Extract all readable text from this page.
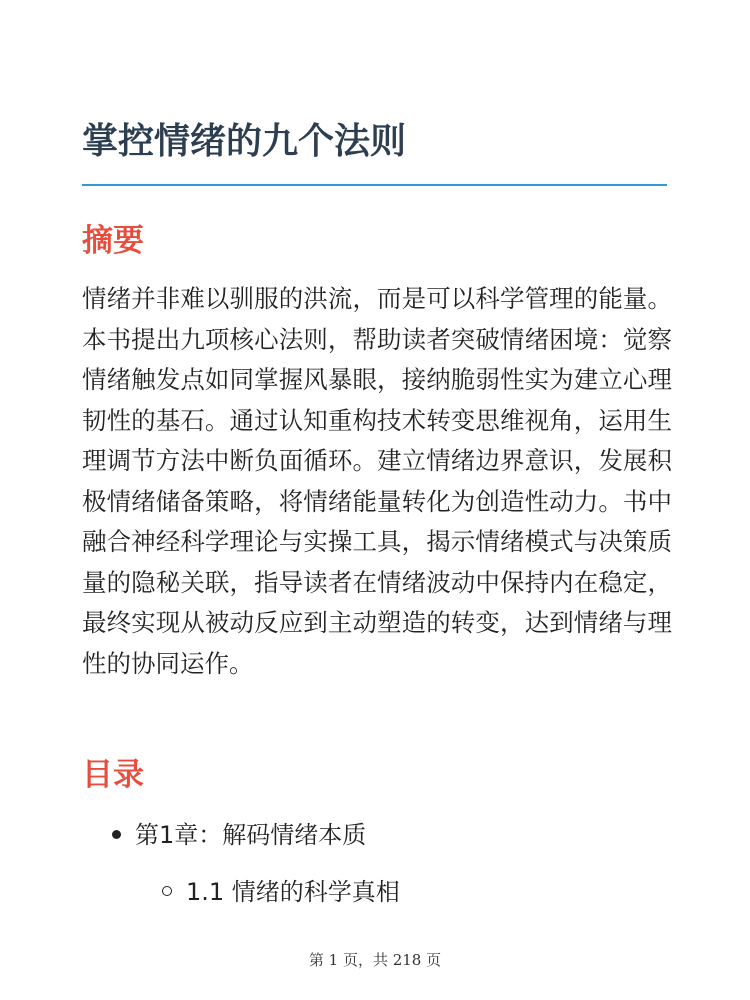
掌控情绪的九个法则
摘要

情绪并非难以驯服的洪流，而是可以科学管理的能量。本书提出九项核心法则，帮助读者突破情绪困境：觉察情绪触发点如同掌握风暴眼，接纳脆弱性实为建立心理韧性的基石。通过认知重构技术转变思维视角，运用生理调节方法中断负面循环。建立情绪边界意识，发展积极情绪储备策略，将情绪能量转化为创造性动力。书中融合神经科学理论与实操工具，揭示情绪模式与决策质量的隐秘关联，指导读者在情绪波动中保持内在稳定，最终实现从被动反应到主动塑造的转变，达到情绪与理性的协同运作。

目录
第1章：解码情绪本质
1.1 情绪的科学真相
第 1 页，共 218 页
